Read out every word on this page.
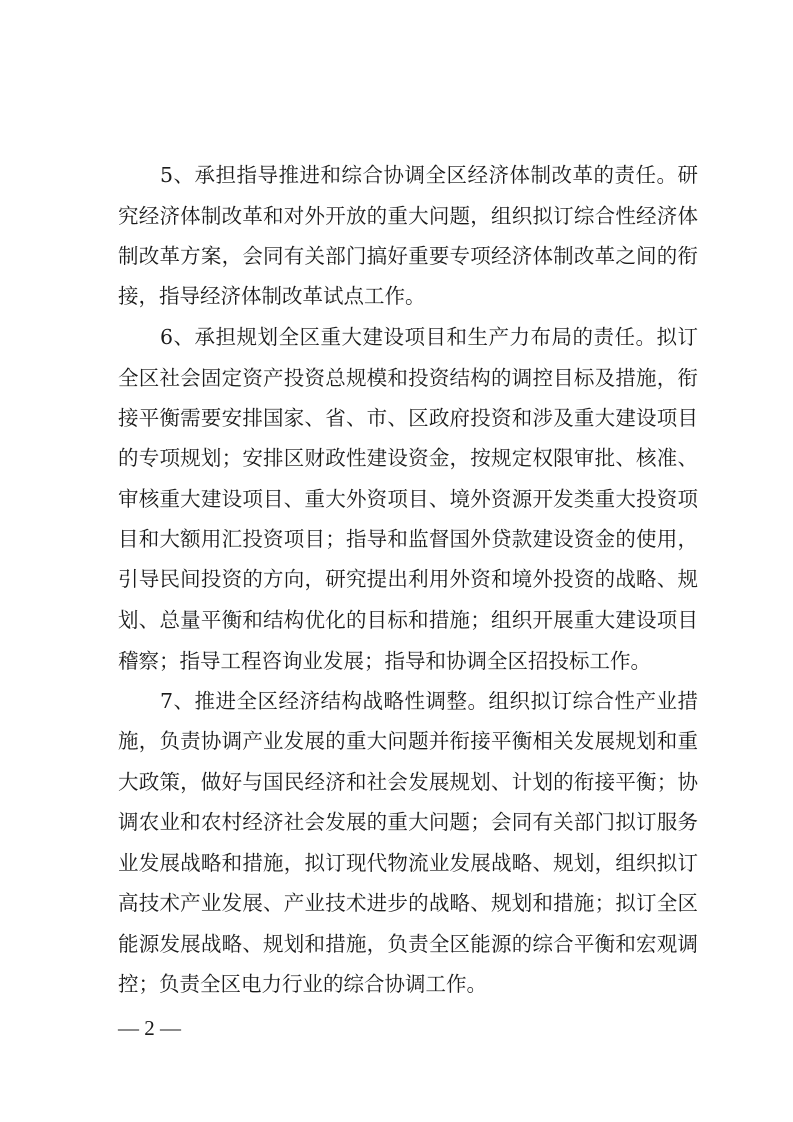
5、承担指导推进和综合协调全区经济体制改革的责任。研
究经济体制改革和对外开放的重大问题，组织拟订综合性经济体
制改革方案，会同有关部门搞好重要专项经济体制改革之间的衔
接，指导经济体制改革试点工作。
6、承担规划全区重大建设项目和生产力布局的责任。拟订
全区社会固定资产投资总规模和投资结构的调控目标及措施，衔
接平衡需要安排国家、省、市、区政府投资和涉及重大建设项目
的专项规划；安排区财政性建设资金，按规定权限审批、核准、
审核重大建设项目、重大外资项目、境外资源开发类重大投资项
目和大额用汇投资项目；指导和监督国外贷款建设资金的使用，
引导民间投资的方向，研究提出利用外资和境外投资的战略、规
划、总量平衡和结构优化的目标和措施；组织开展重大建设项目
稽察；指导工程咨询业发展；指导和协调全区招投标工作。
7、推进全区经济结构战略性调整。组织拟订综合性产业措
施，负责协调产业发展的重大问题并衔接平衡相关发展规划和重
大政策，做好与国民经济和社会发展规划、计划的衔接平衡；协
调农业和农村经济社会发展的重大问题；会同有关部门拟订服务
业发展战略和措施，拟订现代物流业发展战略、规划，组织拟订
高技术产业发展、产业技术进步的战略、规划和措施；拟订全区
能源发展战略、规划和措施，负责全区能源的综合平衡和宏观调
控；负责全区电力行业的综合协调工作。
— 2 —
